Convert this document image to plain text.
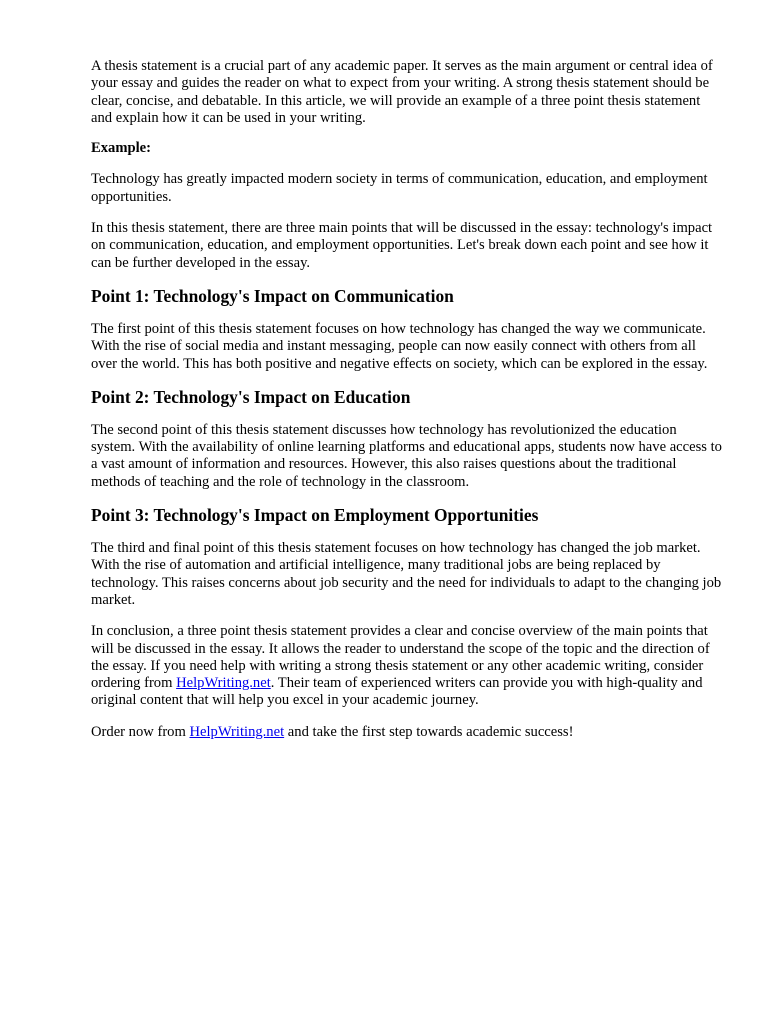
A thesis statement is a crucial part of any academic paper. It serves as the main argument or central idea of your essay and guides the reader on what to expect from your writing. A strong thesis statement should be clear, concise, and debatable. In this article, we will provide an example of a three point thesis statement and explain how it can be used in your writing.

Example:

Technology has greatly impacted modern society in terms of communication, education, and employment opportunities.

In this thesis statement, there are three main points that will be discussed in the essay: technology's impact on communication, education, and employment opportunities. Let's break down each point and see how it can be further developed in the essay.

Point 1: Technology's Impact on Communication

The first point of this thesis statement focuses on how technology has changed the way we communicate. With the rise of social media and instant messaging, people can now easily connect with others from all over the world. This has both positive and negative effects on society, which can be explored in the essay.

Point 2: Technology's Impact on Education

The second point of this thesis statement discusses how technology has revolutionized the education system. With the availability of online learning platforms and educational apps, students now have access to a vast amount of information and resources. However, this also raises questions about the traditional methods of teaching and the role of technology in the classroom.

Point 3: Technology's Impact on Employment Opportunities

The third and final point of this thesis statement focuses on how technology has changed the job market. With the rise of automation and artificial intelligence, many traditional jobs are being replaced by technology. This raises concerns about job security and the need for individuals to adapt to the changing job market.

In conclusion, a three point thesis statement provides a clear and concise overview of the main points that will be discussed in the essay. It allows the reader to understand the scope of the topic and the direction of the essay. If you need help with writing a strong thesis statement or any other academic writing, consider ordering from HelpWriting.net. Their team of experienced writers can provide you with high-quality and original content that will help you excel in your academic journey.

Order now from HelpWriting.net and take the first step towards academic success!
